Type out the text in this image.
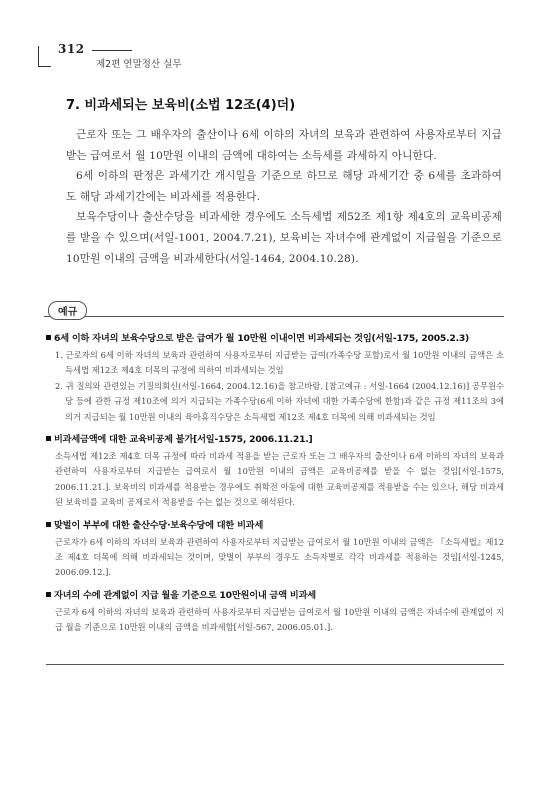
312
제2편 연말정산 실무
7. 비과세되는 보육비(소법 12조(4)더)

근로자 또는 그 배우자의 출산이나 6세 이하의 자녀의 보육과 관련하여 사용자로부터 지급받는 급여로서 월 10만원 이내의 금액에 대하여는 소득세를 과세하지 아니한다.

6세 이하의 판정은 과세기간 개시일을 기준으로 하므로 해당 과세기간 중 6세를 초과하여도 해당 과세기간에는 비과세를 적용한다.

보육수당이나 출산수당을 비과세한 경우에도 소득세법 제52조 제1항 제4호의 교육비공제를 받을 수 있으며(서일-1001, 2004.7.21), 보육비는 자녀수에 관계없이 지급월을 기준으로 10만원 이내의 금액을 비과세한다(서일-1464, 2004.10.28).

예규
6세 이하 자녀의 보육수당으로 받은 급여가 월 10만원 이내이면 비과세되는 것임(서일-175, 2005.2.3)

1. 근로자의 6세 이하 자녀의 보육과 관련하여 사용자로부터 지급받는 급여(가족수당 포함)로서 월 10만원 이내의 금액은 소득세법 제12조 제4호 더목의 규정에 의하여 비과세되는 것임

2. 귀 질의와 관련있는 기질의회신(서일-1664, 2004.12.16)을 참고바람. [참고예규 : 서일-1664 (2004.12.16)] 공무원수당 등에 관한 규정 제10조에 의거 지급되는 가족수당(6세 이하 자녀에 대한 가족수당에 한함)과 같은 규정 제11조의 3에 의거 지급되는 월 10만원 이내의 육아휴직수당은 소득세법 제12조 제4호 더목에 의해 비과세되는 것임

비과세금액에 대한 교육비공제 불가[서일-1575, 2006.11.21.]

소득세법 제12조 제4호 더목 규정에 따라 비과세 적용을 받는 근로자 또는 그 배우자의 출산이나 6세 이하의 자녀의 보육과 관련하여 사용자로부터 지급받는 급여로서 월 10만원 이내의 금액은 교육비공제를 받을 수 없는 것임[서일-1575, 2006.11.21.]. 보육비의 비과세를 적용받는 경우에도 취학전 아동에 대한 교육비공제를 적용받을 수는 있으나, 해당 비과세된 보육비를 교육비 공제로서 적용받을 수는 없는 것으로 해석된다.

맞벌이 부부에 대한 출산수당·보육수당에 대한 비과세

근로자가 6세 이하의 자녀의 보육과 관련하여 사용자로부터 지급받는 급여로서 월 10만원 이내의 금액은 『소득세법』제12조 제4호 더목에 의해 비과세되는 것이며, 맞벌이 부부의 경우도 소득자별로 각각 비과세를 적용하는 것임[서일-1245, 2006.09.12.].

자녀의 수에 관계없이 지급 월을 기준으로 10만원이내 금액 비과세

근로자 6세 이하의 자녀의 보육과 관련하여 사용자로부터 지급받는 급여로서 월 10만원 이내의 금액은 자녀수에 관계없이 지급 월을 기준으로 10만원 이내의 금액을 비과세함[서일-567, 2006.05.01.].
